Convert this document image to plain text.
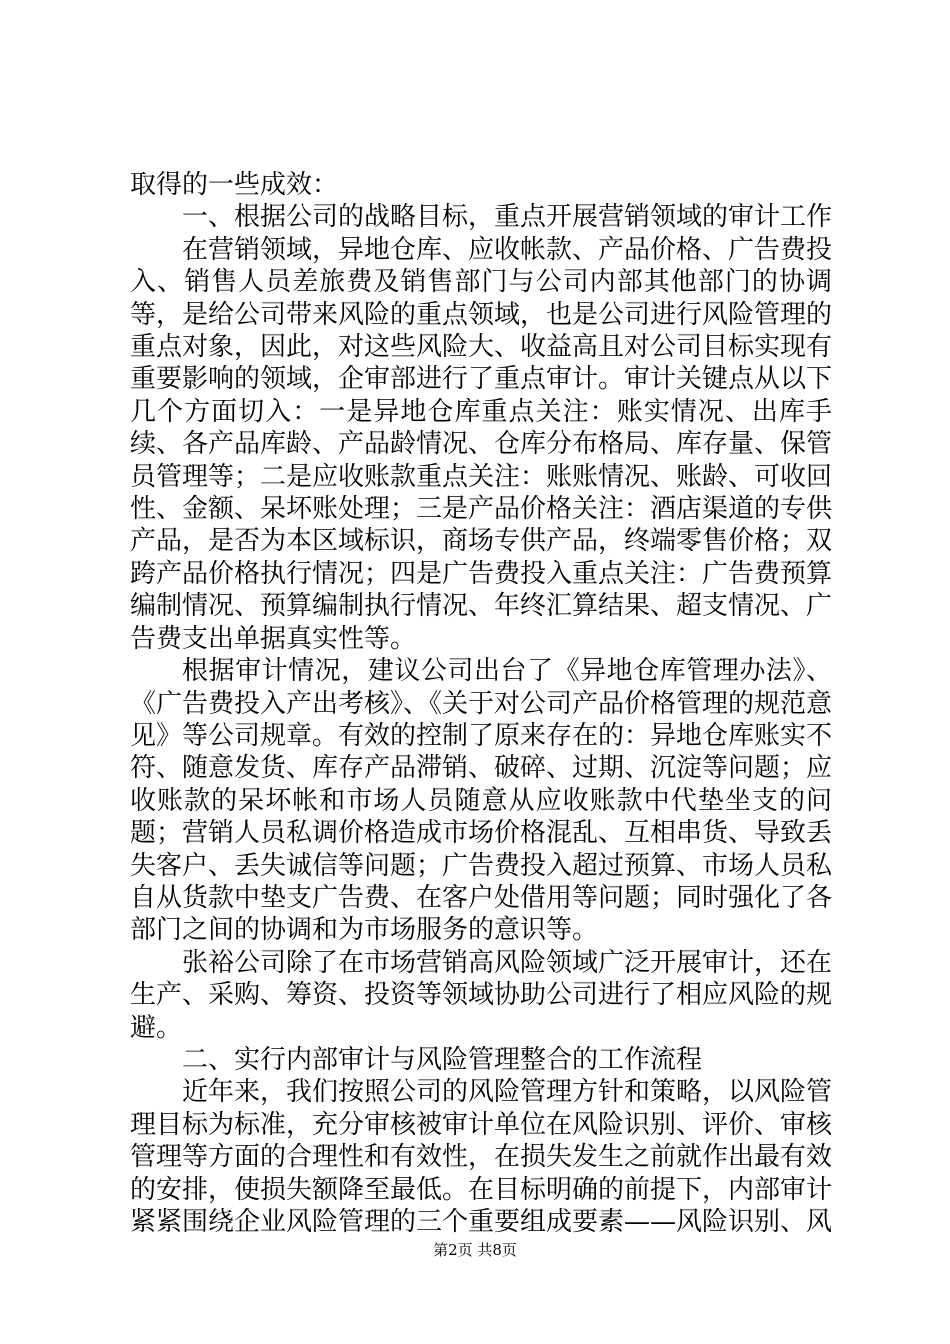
取得的一些成效：

一、根据公司的战略目标，重点开展营销领域的审计工作

在营销领域，异地仓库、应收帐款、产品价格、广告费投入、销售人员差旅费及销售部门与公司内部其他部门的协调等，是给公司带来风险的重点领域，也是公司进行风险管理的重点对象，因此，对这些风险大、收益高且对公司目标实现有重要影响的领域，企审部进行了重点审计。审计关键点从以下几个方面切入：一是异地仓库重点关注：账实情况、出库手续、各产品库龄、产品龄情况、仓库分布格局、库存量、保管员管理等；二是应收账款重点关注：账账情况、账龄、可收回性、金额、呆坏账处理；三是产品价格关注：酒店渠道的专供产品，是否为本区域标识，商场专供产品，终端零售价格；双跨产品价格执行情况；四是广告费投入重点关注：广告费预算编制情况、预算编制执行情况、年终汇算结果、超支情况、广告费支出单据真实性等。

根据审计情况，建议公司出台了《异地仓库管理办法》、《广告费投入产出考核》、《关于对公司产品价格管理的规范意见》等公司规章。有效的控制了原来存在的：异地仓库账实不符、随意发货、库存产品滞销、破碎、过期、沉淀等问题；应收账款的呆坏帐和市场人员随意从应收账款中代垫坐支的问题；营销人员私调价格造成市场价格混乱、互相串货、导致丢失客户、丢失诚信等问题；广告费投入超过预算、市场人员私自从货款中垫支广告费、在客户处借用等问题；同时强化了各部门之间的协调和为市场服务的意识等。

张裕公司除了在市场营销高风险领域广泛开展审计，还在生产、采购、筹资、投资等领域协助公司进行了相应风险的规避。

二、实行内部审计与风险管理整合的工作流程

近年来，我们按照公司的风险管理方针和策略，以风险管理目标为标准，充分审核被审计单位在风险识别、评价、审核管理等方面的合理性和有效性，在损失发生之前就作出最有效的安排，使损失额降至最低。在目标明确的前提下，内部审计紧紧围绕企业风险管理的三个重要组成要素——风险识别、风

第2页 共8页
